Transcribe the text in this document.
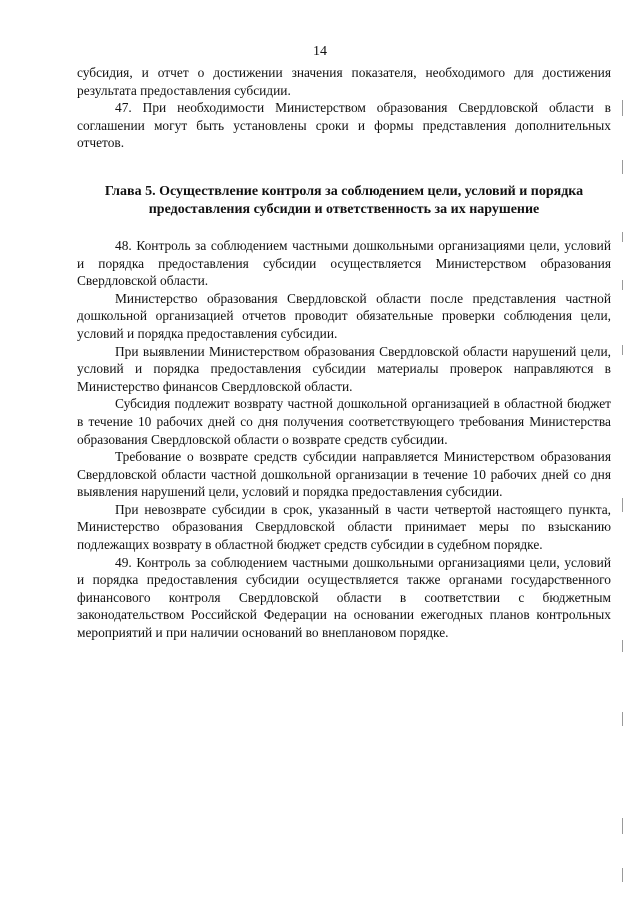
14

субсидия, и отчет о достижении значения показателя, необходимого для достижения результата предоставления субсидии.

47. При необходимости Министерством образования Свердловской области в соглашении могут быть установлены сроки и формы представления дополнительных отчетов.

Глава 5. Осуществление контроля за соблюдением цели, условий и порядка
предоставления субсидии и ответственность за их нарушение

48. Контроль за соблюдением частными дошкольными организациями цели, условий и порядка предоставления субсидии осуществляется Министерством образования Свердловской области.

Министерство образования Свердловской области после представления частной дошкольной организацией отчетов проводит обязательные проверки соблюдения цели, условий и порядка предоставления субсидии.

При выявлении Министерством образования Свердловской области нарушений цели, условий и порядка предоставления субсидии материалы проверок направляются в Министерство финансов Свердловской области.

Субсидия подлежит возврату частной дошкольной организацией в областной бюджет в течение 10 рабочих дней со дня получения соответствующего требования Министерства образования Свердловской области о возврате средств субсидии.

Требование о возврате средств субсидии направляется Министерством образования Свердловской области частной дошкольной организации в течение 10 рабочих дней со дня выявления нарушений цели, условий и порядка предоставления субсидии.

При невозврате субсидии в срок, указанный в части четвертой настоящего пункта, Министерство образования Свердловской области принимает меры по взысканию подлежащих возврату в областной бюджет средств субсидии в судебном порядке.

49. Контроль за соблюдением частными дошкольными организациями цели, условий и порядка предоставления субсидии осуществляется также органами государственного финансового контроля Свердловской области в соответствии с бюджетным законодательством Российской Федерации на основании ежегодных планов контрольных мероприятий и при наличии оснований во внеплановом порядке.
